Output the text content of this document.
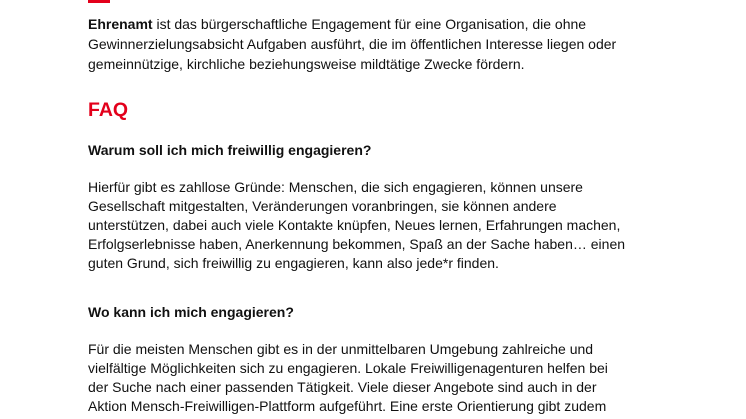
Ehrenamt ist das bürgerschaftliche Engagement für eine Organisation, die ohne
Gewinnerzielungsabsicht Aufgaben ausführt, die im öffentlichen Interesse liegen oder
gemeinnützige, kirchliche beziehungsweise mildtätige Zwecke fördern.

FAQ

Warum soll ich mich freiwillig engagieren?

Hierfür gibt es zahllose Gründe: Menschen, die sich engagieren, können unsere
Gesellschaft mitgestalten, Veränderungen voranbringen, sie können andere
unterstützen, dabei auch viele Kontakte knüpfen, Neues lernen, Erfahrungen machen,
Erfolgserlebnisse haben, Anerkennung bekommen, Spaß an der Sache haben… einen
guten Grund, sich freiwillig zu engagieren, kann also jede*r finden.

Wo kann ich mich engagieren?

Für die meisten Menschen gibt es in der unmittelbaren Umgebung zahlreiche und
vielfältige Möglichkeiten sich zu engagieren. Lokale Freiwilligenagenturen helfen bei
der Suche nach einer passenden Tätigkeit. Viele dieser Angebote sind auch in der
Aktion Mensch-Freiwilligen-Plattform aufgeführt. Eine erste Orientierung gibt zudem
